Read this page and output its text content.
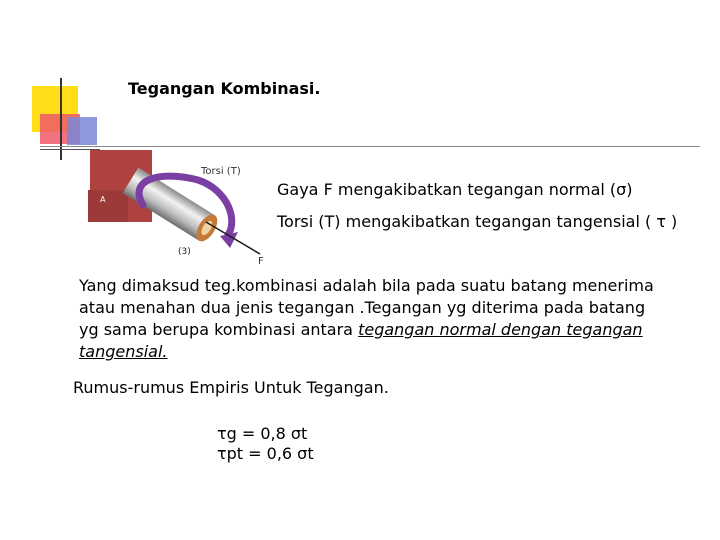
Tegangan Kombinasi.
A
(3)
Torsi (T)
F
Gaya F mengakibatkan tegangan normal (σ)
Torsi (T) mengakibatkan tegangan tangensial ( τ )
Yang dimaksud teg.kombinasi adalah bila pada suatu batang menerima
atau menahan dua jenis tegangan .Tegangan yg diterima pada batang
yg sama berupa kombinasi antara tegangan normal dengan tegangan
tangensial.
Rumus-rumus Empiris Untuk Tegangan.
τg = 0,8 σt
τpt = 0,6 σt
